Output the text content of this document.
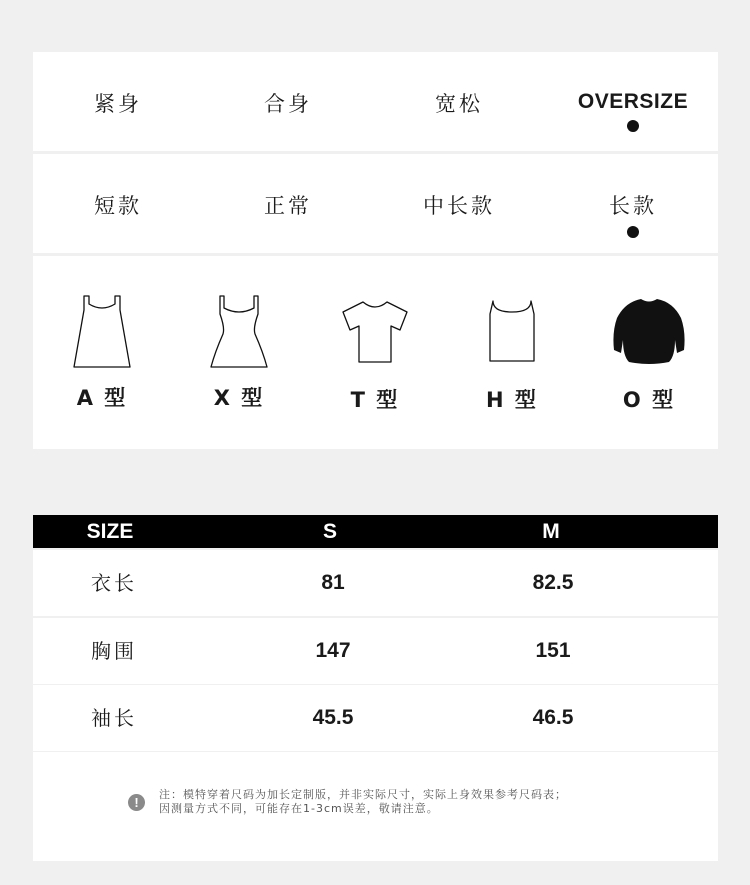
紧身	合身	宽松	OVERSIZE
短款	正常	中长款	长款
A 型	X 型	T 型	H 型	O 型
SIZE	S	M
衣长	81	82.5
胸围	147	151
袖长	45.5	46.5
!
注：模特穿着尺码为加长定制版，并非实际尺寸，实际上身效果参考尺码表；
因测量方式不同，可能存在1-3cm误差，敬请注意。
